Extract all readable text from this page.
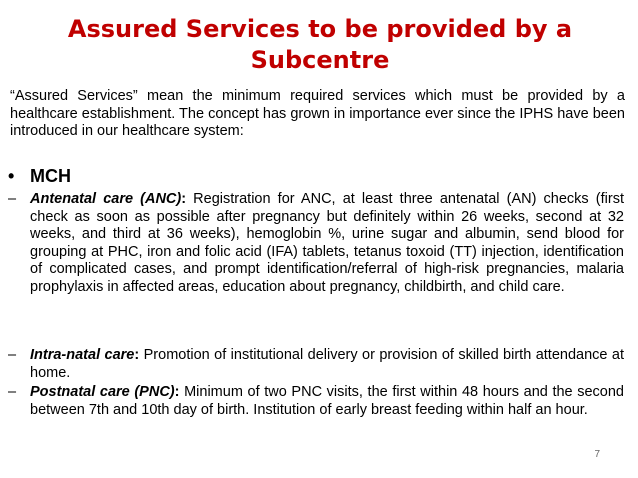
Assured Services to be provided by a Subcentre
“Assured Services” mean the minimum required services which must be provided by a healthcare establishment. The concept has grown in importance ever since the IPHS have been introduced in our healthcare system:
• MCH
– Antenatal care (ANC): Registration for ANC, at least three antenatal (AN) checks (first check as soon as possible after pregnancy but definitely within 26 weeks, second at 32 weeks, and third at 36 weeks), hemoglobin %, urine sugar and albumin, send blood for grouping at PHC, iron and folic acid (IFA) tablets, tetanus toxoid (TT) injection, identification of complicated cases, and prompt identification/referral of high-risk pregnancies, malaria prophylaxis in affected areas, education about pregnancy, childbirth, and child care.
– Intra-natal care: Promotion of institutional delivery or provision of skilled birth attendance at home.
– Postnatal care (PNC): Minimum of two PNC visits, the first within 48 hours and the second between 7th and 10th day of birth. Institution of early breast feeding within half an hour.
7
